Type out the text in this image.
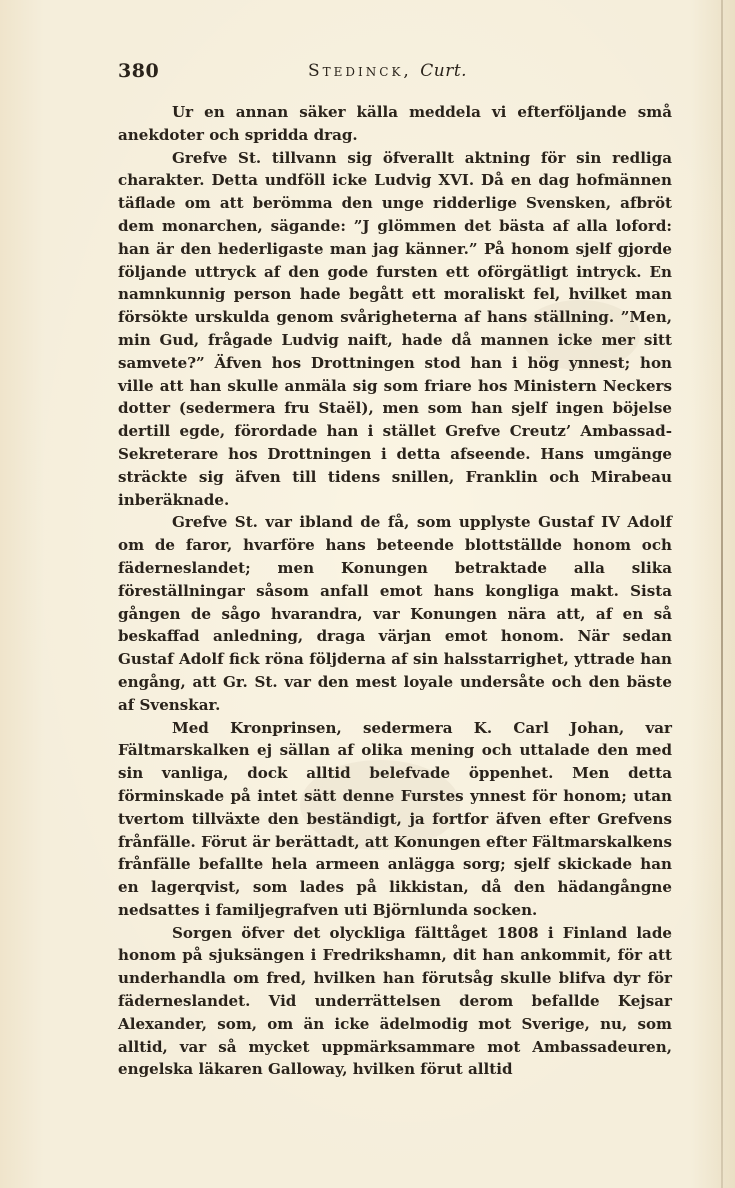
380	Stedinck, Curt.

Ur en annan säker källa meddela vi efterföljande små anekdoter och spridda drag.

Grefve St. tillvann sig öfverallt aktning för sin redliga charakter. Detta undföll icke Ludvig XVI. Då en dag hofmännen täflade om att berömma den unge ridderlige Svensken, afbröt dem monarchen, sägande: ”J glömmen det bästa af alla loford: han är den hederligaste man jag känner.” På honom sjelf gjorde följande uttryck af den gode fursten ett oförgätligt intryck. En namnkunnig person hade begått ett moraliskt fel, hvilket man försökte urskulda genom svårigheterna af hans ställning. ”Men, min Gud, frågade Ludvig naift, hade då mannen icke mer sitt samvete?” Äfven hos Drottningen stod han i hög ynnest; hon ville att han skulle anmäla sig som friare hos Ministern Neckers dotter (sedermera fru Staël), men som han sjelf ingen böjelse dertill egde, förordade han i stället Grefve Creutz’ Ambassad-Sekreterare hos Drottningen i detta afseende. Hans umgänge sträckte sig äfven till tidens snillen, Franklin och Mirabeau inberäknade.

Grefve St. var ibland de få, som upplyste Gustaf IV Adolf om de faror, hvarföre hans beteende blottställde honom och fäderneslandet; men Konungen betraktade alla slika föreställningar såsom anfall emot hans kongliga makt. Sista gången de sågo hvarandra, var Konungen nära att, af en så beskaffad anledning, draga värjan emot honom. När sedan Gustaf Adolf fick röna följderna af sin halsstarrighet, yttrade han engång, att Gr. St. var den mest loyale undersåte och den bäste af Svenskar.

Med Kronprinsen, sedermera K. Carl Johan, var Fältmarskalken ej sällan af olika mening och uttalade den med sin vanliga, dock alltid belefvade öppenhet. Men detta förminskade på intet sätt denne Furstes ynnest för honom; utan tvertom tillväxte den beständigt, ja fortfor äfven efter Grefvens frånfälle. Förut är berättadt, att Konungen efter Fältmarskalkens frånfälle befallte hela armeen anlägga sorg; sjelf skickade han en lagerqvist, som lades på likkistan, då den hädangångne nedsattes i familjegrafven uti Björnlunda socken.

Sorgen öfver det olyckliga fälttåget 1808 i Finland lade honom på sjuksängen i Fredrikshamn, dit han ankommit, för att underhandla om fred, hvilken han förutsåg skulle blifva dyr för fäderneslandet. Vid underrättelsen derom befallde Kejsar Alexander, som, om än icke ädelmodig mot Sverige, nu, som alltid, var så mycket uppmärksammare mot Ambassadeuren, engelska läkaren Galloway, hvilken förut alltid
